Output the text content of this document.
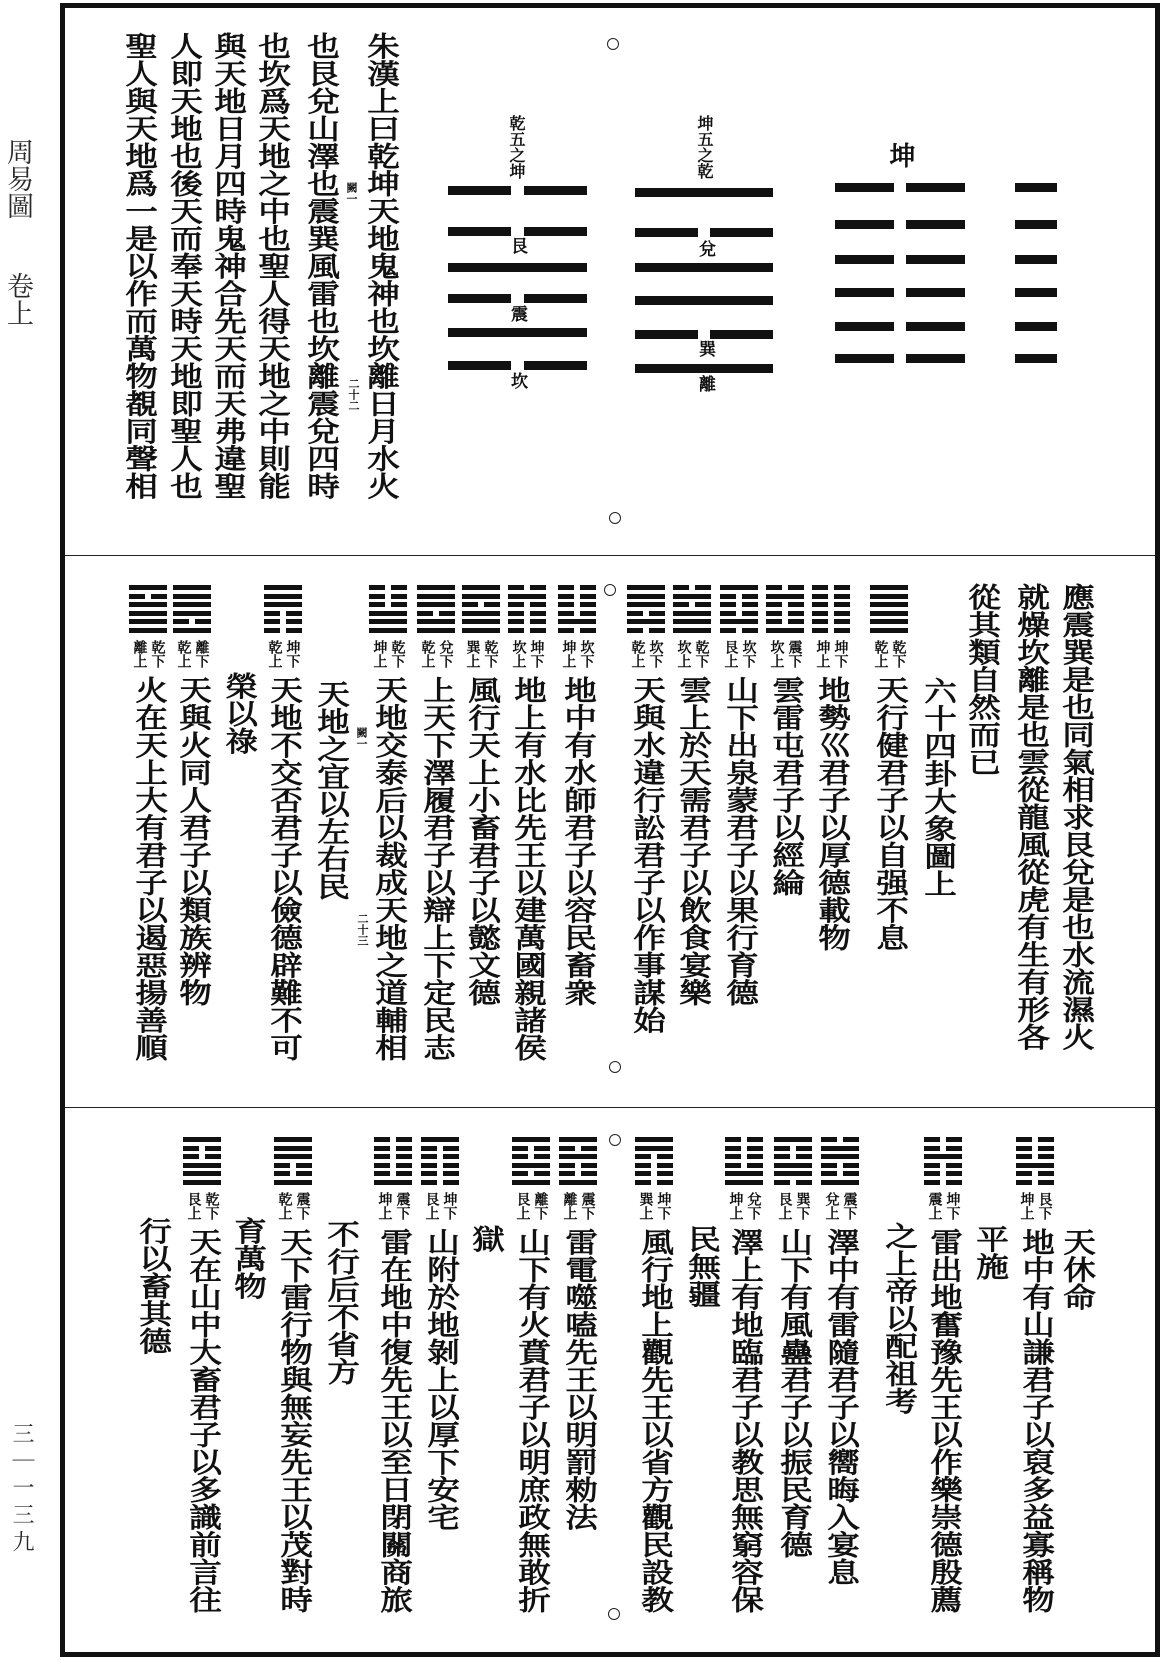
周易圖
卷上
三｜一三九
朱漢上曰乾坤天地鬼神也坎離日月水火
也艮兌山澤也震巽風雷也坎離震兌四時
也坎爲天地之中也聖人得天地之中則能
與天地日月四時鬼神合先天而天弗違聖
人即天地也後天而奉天時天地即聖人也
聖人與天地爲一是以作而萬物覩同聲相	闕一
二十二
乾五之坤
艮
震
坎
坤五之乾
兌
巽
離
坤
應震巽是也同氣相求艮兌是也水流濕火
就燥坎離是也雲從龍風從虎有生有形各
從其類自然而已
六十四卦大象圖上
乾下
乾上
天行健君子以自强不息
坤下
坤上
地勢巛君子以厚德載物
震下
坎上
雲雷屯君子以經綸
坎下
艮上
山下出泉蒙君子以果行育德
乾下
坎上
雲上於天需君子以飲食宴樂
坎下
乾上
天與水違行訟君子以作事謀始
坎下
坤上
地中有水師君子以容民畜衆
坤下
坎上
地上有水比先王以建萬國親諸侯
乾下
巽上
風行天上小畜君子以懿文德
兌下
乾上
上天下澤履君子以辯上下定民志
乾下
坤上
天地交泰后以裁成天地之道輔相
闕一
二十三
天地之宜以左右民
坤下
乾上
天地不交否君子以儉德辟難不可
榮以祿
離下
乾上
天與火同人君子以類族辨物
乾下
離上
火在天上大有君子以遏惡揚善順
天休命
艮下
坤上
地中有山謙君子以裒多益寡稱物
平施
坤下
震上
雷出地奮豫先王以作樂崇德殷薦
之上帝以配祖考
震下
兌上
澤中有雷隨君子以嚮晦入宴息
巽下
艮上
山下有風蠱君子以振民育德
兌下
坤上
澤上有地臨君子以教思無窮容保
民無疆
坤下
巽上
風行地上觀先王以省方觀民設教
震下
離上
雷電噬嗑先王以明罰勑法
離下
艮上
山下有火賁君子以明庶政無敢折
獄
坤下
艮上
山附於地剝上以厚下安宅
震下
坤上
雷在地中復先王以至日閉關商旅
不行后不省方
震下
乾上
天下雷行物與無妄先王以茂對時
育萬物
乾下
艮上
天在山中大畜君子以多識前言往
行以畜其德
